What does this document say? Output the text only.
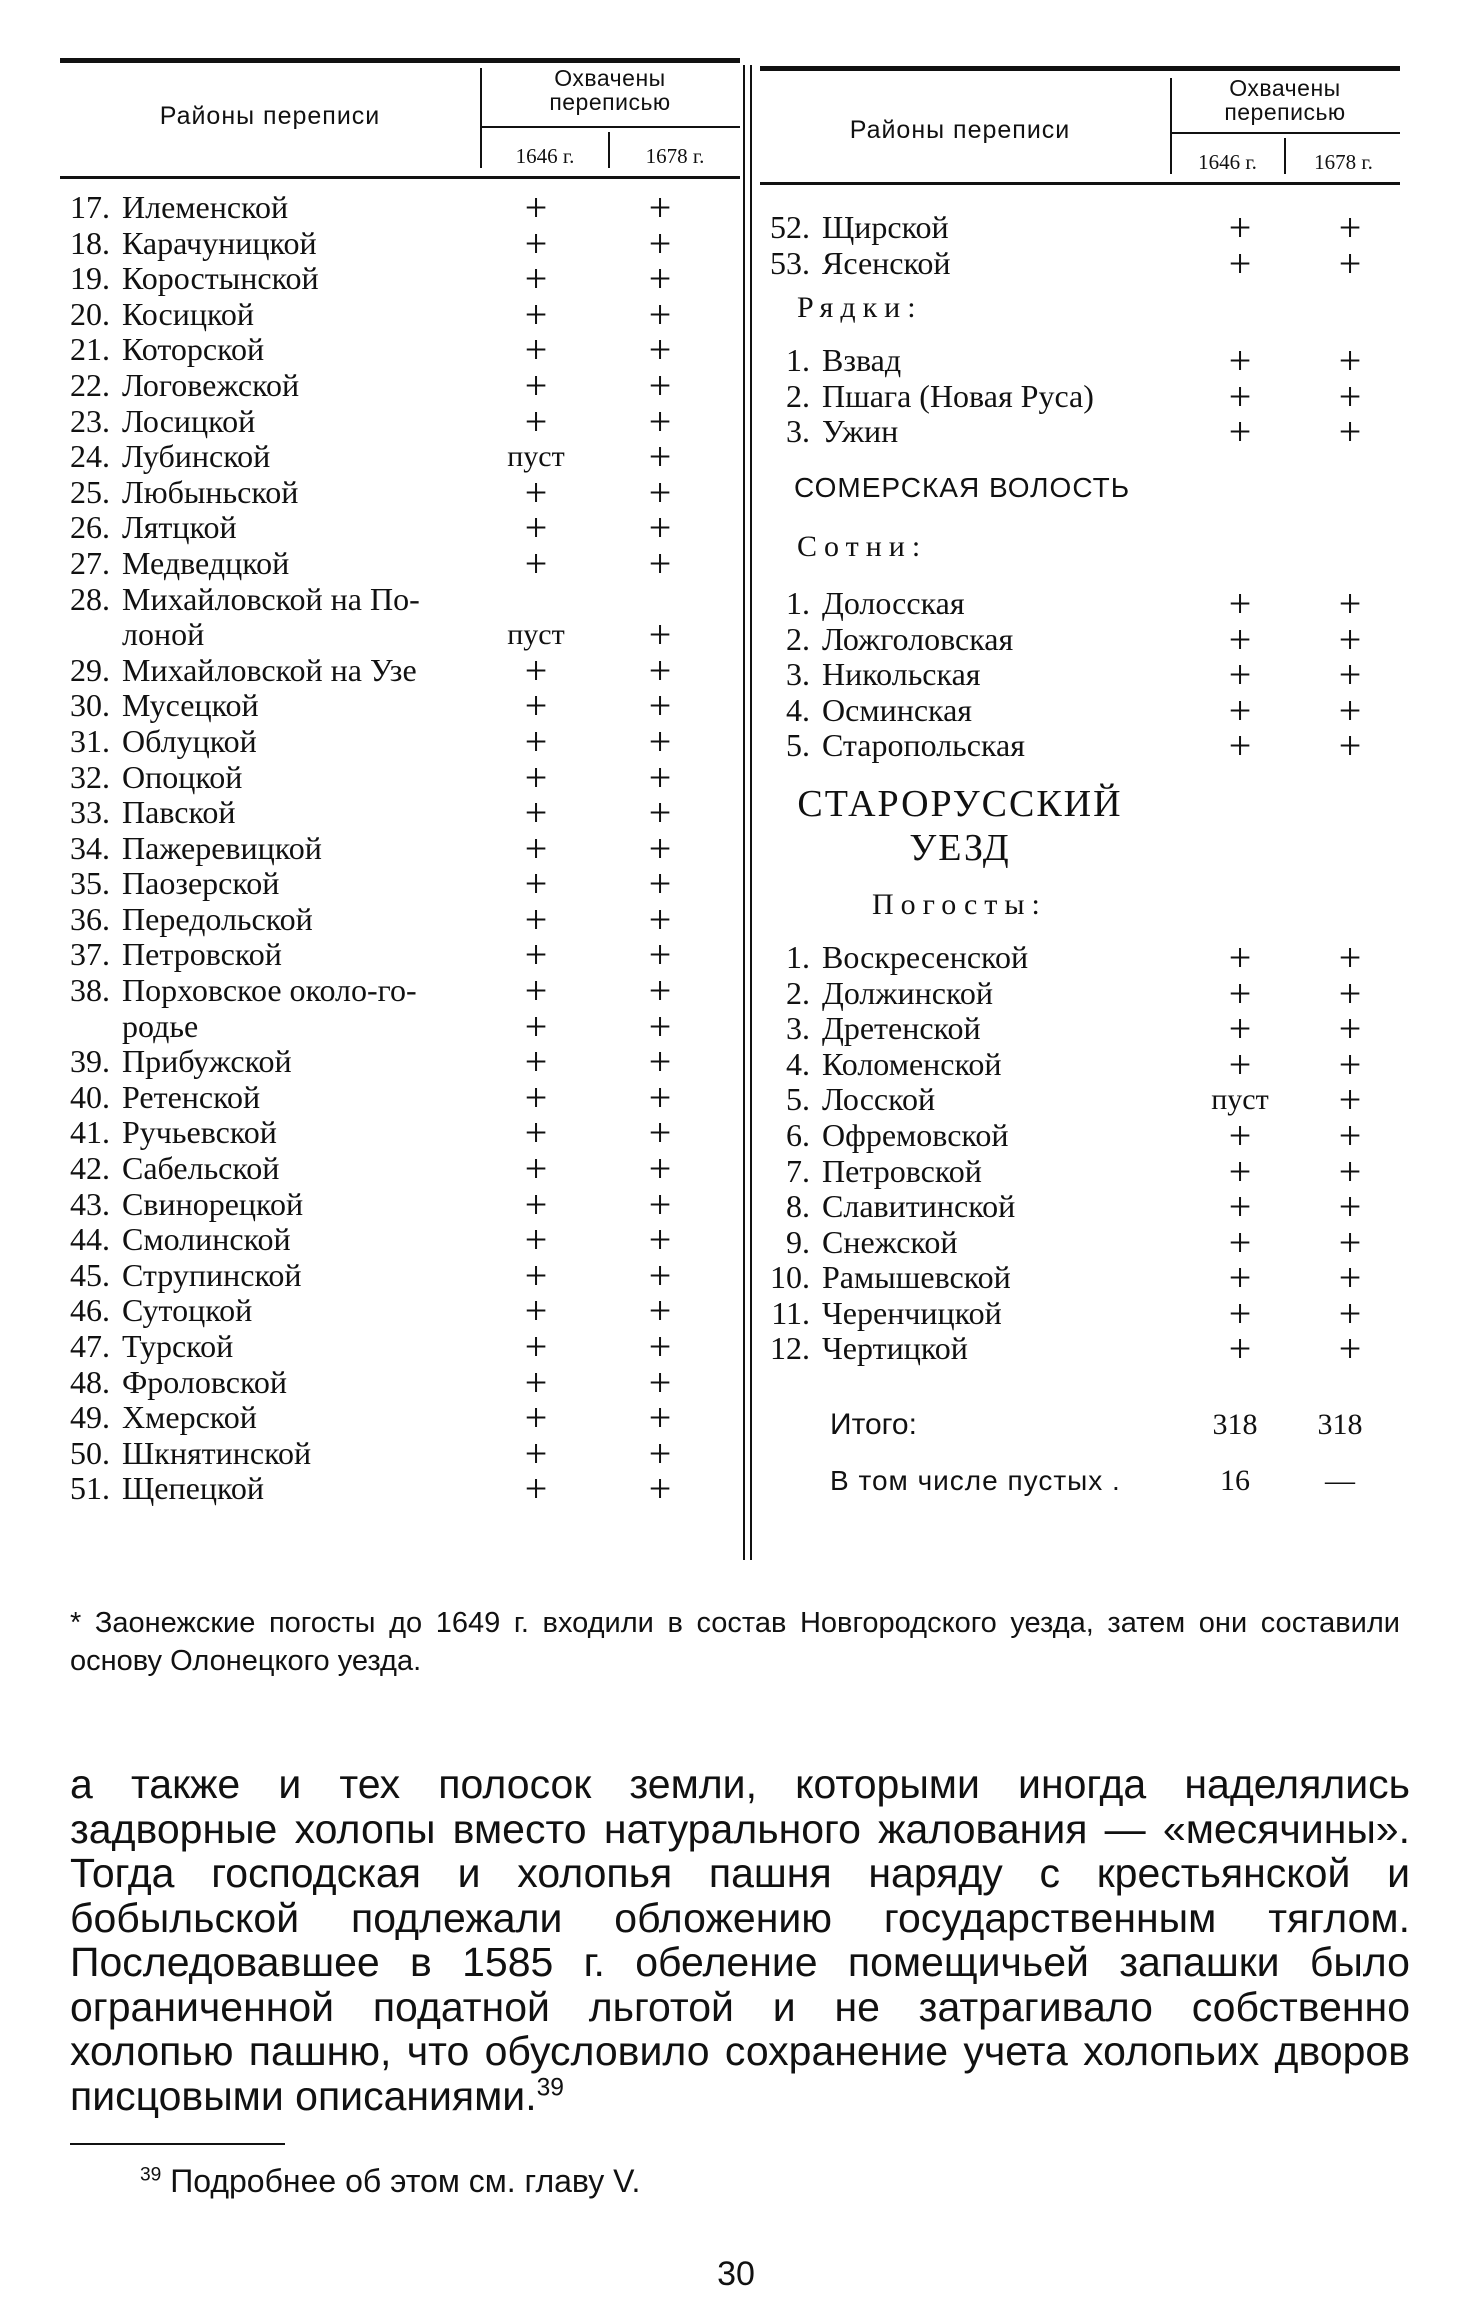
Районы переписи
Охвачены
переписью
1646 г.	1678 г.
17. Илеменской	+	+
18. Карачуницкой	+	+
19. Коростынской	+	+
20. Косицкой	+	+
21. Которской	+	+
22. Логовежской	+	+
23. Лосицкой	+	+
24. Лубинской	пуст	+
25. Любыньской	+	+
26. Лятцкой	+	+
27. Медведцкой	+	+
28. Михайловской на По-
лоной	пуст	+
29. Михайловской на Узе	+	+
30. Мусецкой	+	+
31. Облуцкой	+	+
32. Опоцкой	+	+
33. Павской	+	+
34. Пажеревицкой	+	+
35. Паозерской	+	+
36. Передольской	+	+
37. Петровской	+	+
38. Порховское около-го-	+	+
родье	+	+
39. Прибужской	+	+
40. Ретенской	+	+
41. Ручьевской	+	+
42. Сабельской	+	+
43. Свинорецкой	+	+
44. Смолинской	+	+
45. Струпинской	+	+
46. Сутоцкой	+	+
47. Турской	+	+
48. Фроловской	+	+
49. Хмерской	+	+
50. Шкнятинской	+	+
51. Щепецкой	+	+
Районы переписи
Охвачены
переписью
1646 г.	1678 г.
52. Щирской	+	+
53. Ясенской	+	+
Рядки:
1. Взвад	+	+
2. Пшага (Новая Руса)	+	+
3. Ужин	+	+
СОМЕРСКАЯ ВОЛОСТЬ
Сотни:
1. Долосская	+	+
2. Ложголовская	+	+
3. Никольская	+	+
4. Осминская	+	+
5. Старопольская	+	+
СТАРОРУССКИЙ
УЕЗД
Погосты:
1. Воскресенской	+	+
2. Должинской	+	+
3. Дретенской	+	+
4. Коломенской	+	+
5. Лосской	пуст	+
6. Офремовской	+	+
7. Петровской	+	+
8. Славитинской	+	+
9. Снежской	+	+
10. Рамышевской	+	+
11. Черенчицкой	+	+
12. Чертицкой	+	+
Итого:	318	318
В том числе пустых .	16	—
* Заонежские погосты до 1649 г. входили в состав Новгородского уезда, затем они составили основу Олонецкого уезда.
а также и тех полосок земли, которыми иногда наделялись задворные холопы вместо натурального жалования — «месячины». Тогда господская и холопья пашня наряду с крестьянской и бобыльской подлежали обложению государственным тяглом. Последовавшее в 1585 г. обеление помещичьей запашки было ограниченной податной льготой и не затрагивало собственно холопью пашню, что обусловило сохранение учета холопьих дворов писцовыми описаниями.$^{39}$
$^{39}$ Подробнее об этом см. главу V.
30
